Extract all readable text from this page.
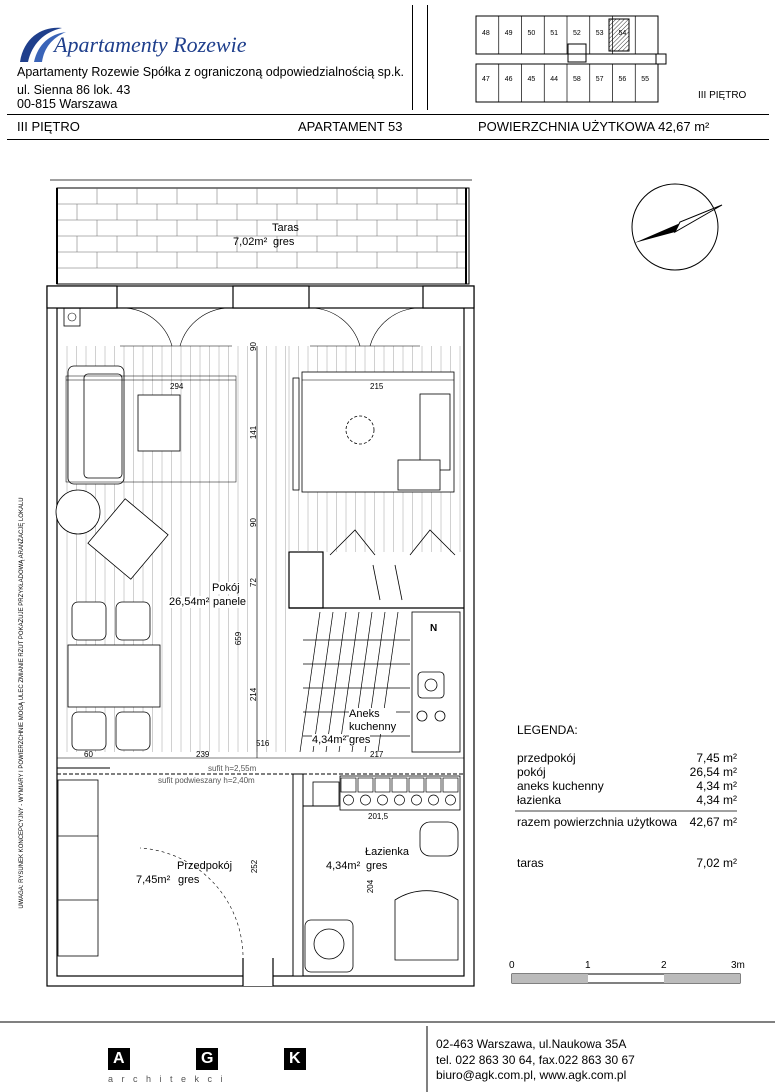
Apartamenty Rozewie
Apartamenty Rozewie Spółka z ograniczoną odpowiedzialnością sp.k.
ul. Sienna 86 lok. 43
00-815 Warszawa
48 49 50 51 52 53 54
47 46 45 44 58 57 56 55
III PIĘTRO
III PIĘTRO	APARTAMENT 53	POWIERZCHNIA UŻYTKOWA 42,67 m²
Taras
7,02m² gres
Pokój
26,54m² panele
Aneks
kuchenny
4,34m² gres
Przedpokój
7,45m² gres
Łazienka
4,34m² gres
294	215
90
141
90
72
659
214
60	239
516
217
201,5
204
252
sufit h=2,55m
sufit podwieszany h=2,40m
N
UWAGA: RYSUNEK KONCEPCYJNY - WYMIARY I POWIERZCHNIE MOGĄ ULEC ZMIANIE RZUT POKAZUJE PRZYKŁADOWĄ ARANŻACJĘ LOKALU	LEGENDA:
przedpokój	7,45 m²
pokój	26,54 m²
aneks kuchenny	4,34 m²
łazienka	4,34 m²
razem powierzchnia użytkowa 42,67 m²
taras	7,02 m²
0	1	2	3m
A	G	K
a r c h i t e k c i
02-463 Warszawa, ul.Naukowa 35A
tel. 022 863 30 64, fax.022 863 30 67
biuro@agk.com.pl, www.agk.com.pl
